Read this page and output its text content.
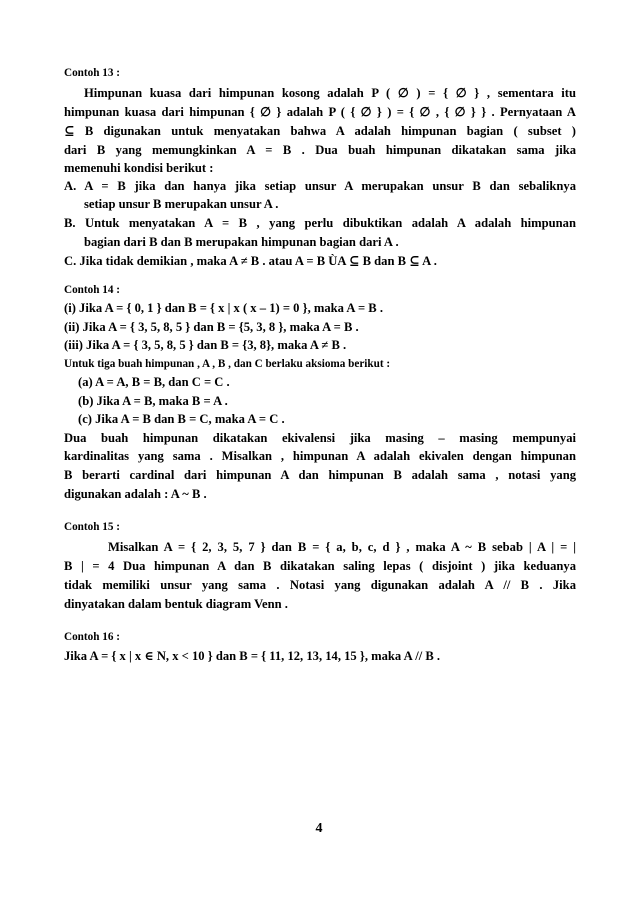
Contoh 13 :
Himpunan kuasa dari himpunan kosong adalah P ( ∅ ) = { ∅ } , sementara itu
himpunan kuasa dari himpunan { ∅ } adalah P ( { ∅ } ) = { ∅ , { ∅ } } . Pernyataan A
⊆ B digunakan untuk menyatakan bahwa A adalah himpunan bagian ( subset )
dari B yang memungkinkan A = B . Dua buah himpunan dikatakan sama jika
memenuhi kondisi berikut :
A. A = B jika dan hanya jika setiap unsur A merupakan unsur B dan sebaliknya
setiap unsur B merupakan unsur A .
B. Untuk menyatakan A = B , yang perlu dibuktikan adalah A adalah himpunan
bagian dari B dan B merupakan himpunan bagian dari A .
C. Jika tidak demikian , maka A ≠ B . atau A = B ÙA ⊆ B dan B ⊆ A .
Contoh 14 :
(i) Jika A = { 0, 1 } dan B = { x | x ( x – 1) = 0 }, maka A = B .
(ii) Jika A = { 3, 5, 8, 5 } dan B = {5, 3, 8 }, maka A = B .
(iii) Jika A = { 3, 5, 8, 5 } dan B = {3, 8}, maka A ≠ B .
Untuk tiga buah himpunan , A , B , dan C berlaku aksioma berikut :
(a) A = A, B = B, dan C = C .
(b) Jika A = B, maka B = A .
(c) Jika A = B dan B = C, maka A = C .
Dua buah himpunan dikatakan ekivalensi jika masing – masing mempunyai
kardinalitas yang sama . Misalkan , himpunan A adalah ekivalen dengan himpunan
B berarti cardinal dari himpunan A dan himpunan B adalah sama , notasi yang
digunakan adalah : A ~ B .
Contoh 15 :
Misalkan A = { 2, 3, 5, 7 } dan B = { a, b, c, d } , maka A ~ B sebab | A | = |
B | = 4 Dua himpunan A dan B dikatakan saling lepas ( disjoint ) jika keduanya
tidak memiliki unsur yang sama . Notasi yang digunakan adalah A // B . Jika
dinyatakan dalam bentuk diagram Venn .
Contoh 16 :
Jika A = { x | x ∈ N, x < 10 } dan B = { 11, 12, 13, 14, 15 }, maka A // B .
4
